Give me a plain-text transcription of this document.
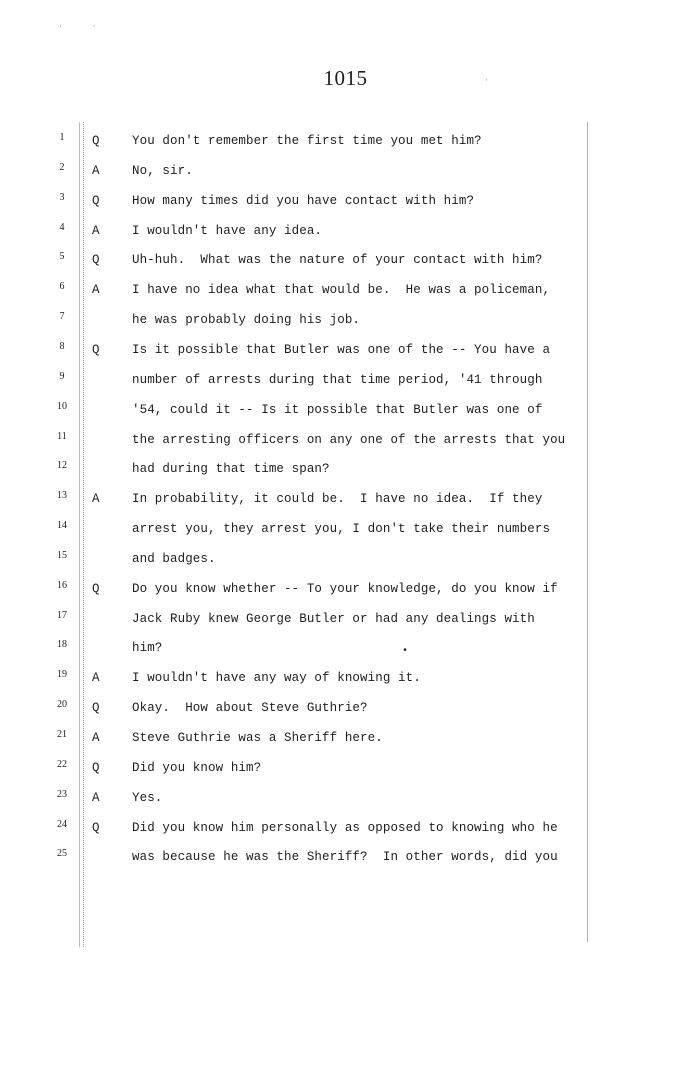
·      ·
·
•
1015
1	Q	You don't remember the first time you met him?
2	A	No, sir.
3	Q	How many times did you have contact with him?
4	A	I wouldn't have any idea.
5	Q	Uh-huh.  What was the nature of your contact with him?
6	A	I have no idea what that would be.  He was a policeman,
7	he was probably doing his job.
8	Q	Is it possible that Butler was one of the -- You have a
9	number of arrests during that time period, '41 through
10	'54, could it -- Is it possible that Butler was one of
11	the arresting officers on any one of the arrests that you
12	had during that time span?
13 A	In probability, it could be.  I have no idea.  If they
14	arrest you, they arrest you, I don't take their numbers
15	and badges.
16 Q	Do you know whether -- To your knowledge, do you know if
17	Jack Ruby knew George Butler or had any dealings with
18	him?
19 A	I wouldn't have any way of knowing it.
20 Q	Okay.  How about Steve Guthrie?
21 A	Steve Guthrie was a Sheriff here.
22 Q	Did you know him?
23 A	Yes.
24 Q	Did you know him personally as opposed to knowing who he
25	was because he was the Sheriff?  In other words, did you
